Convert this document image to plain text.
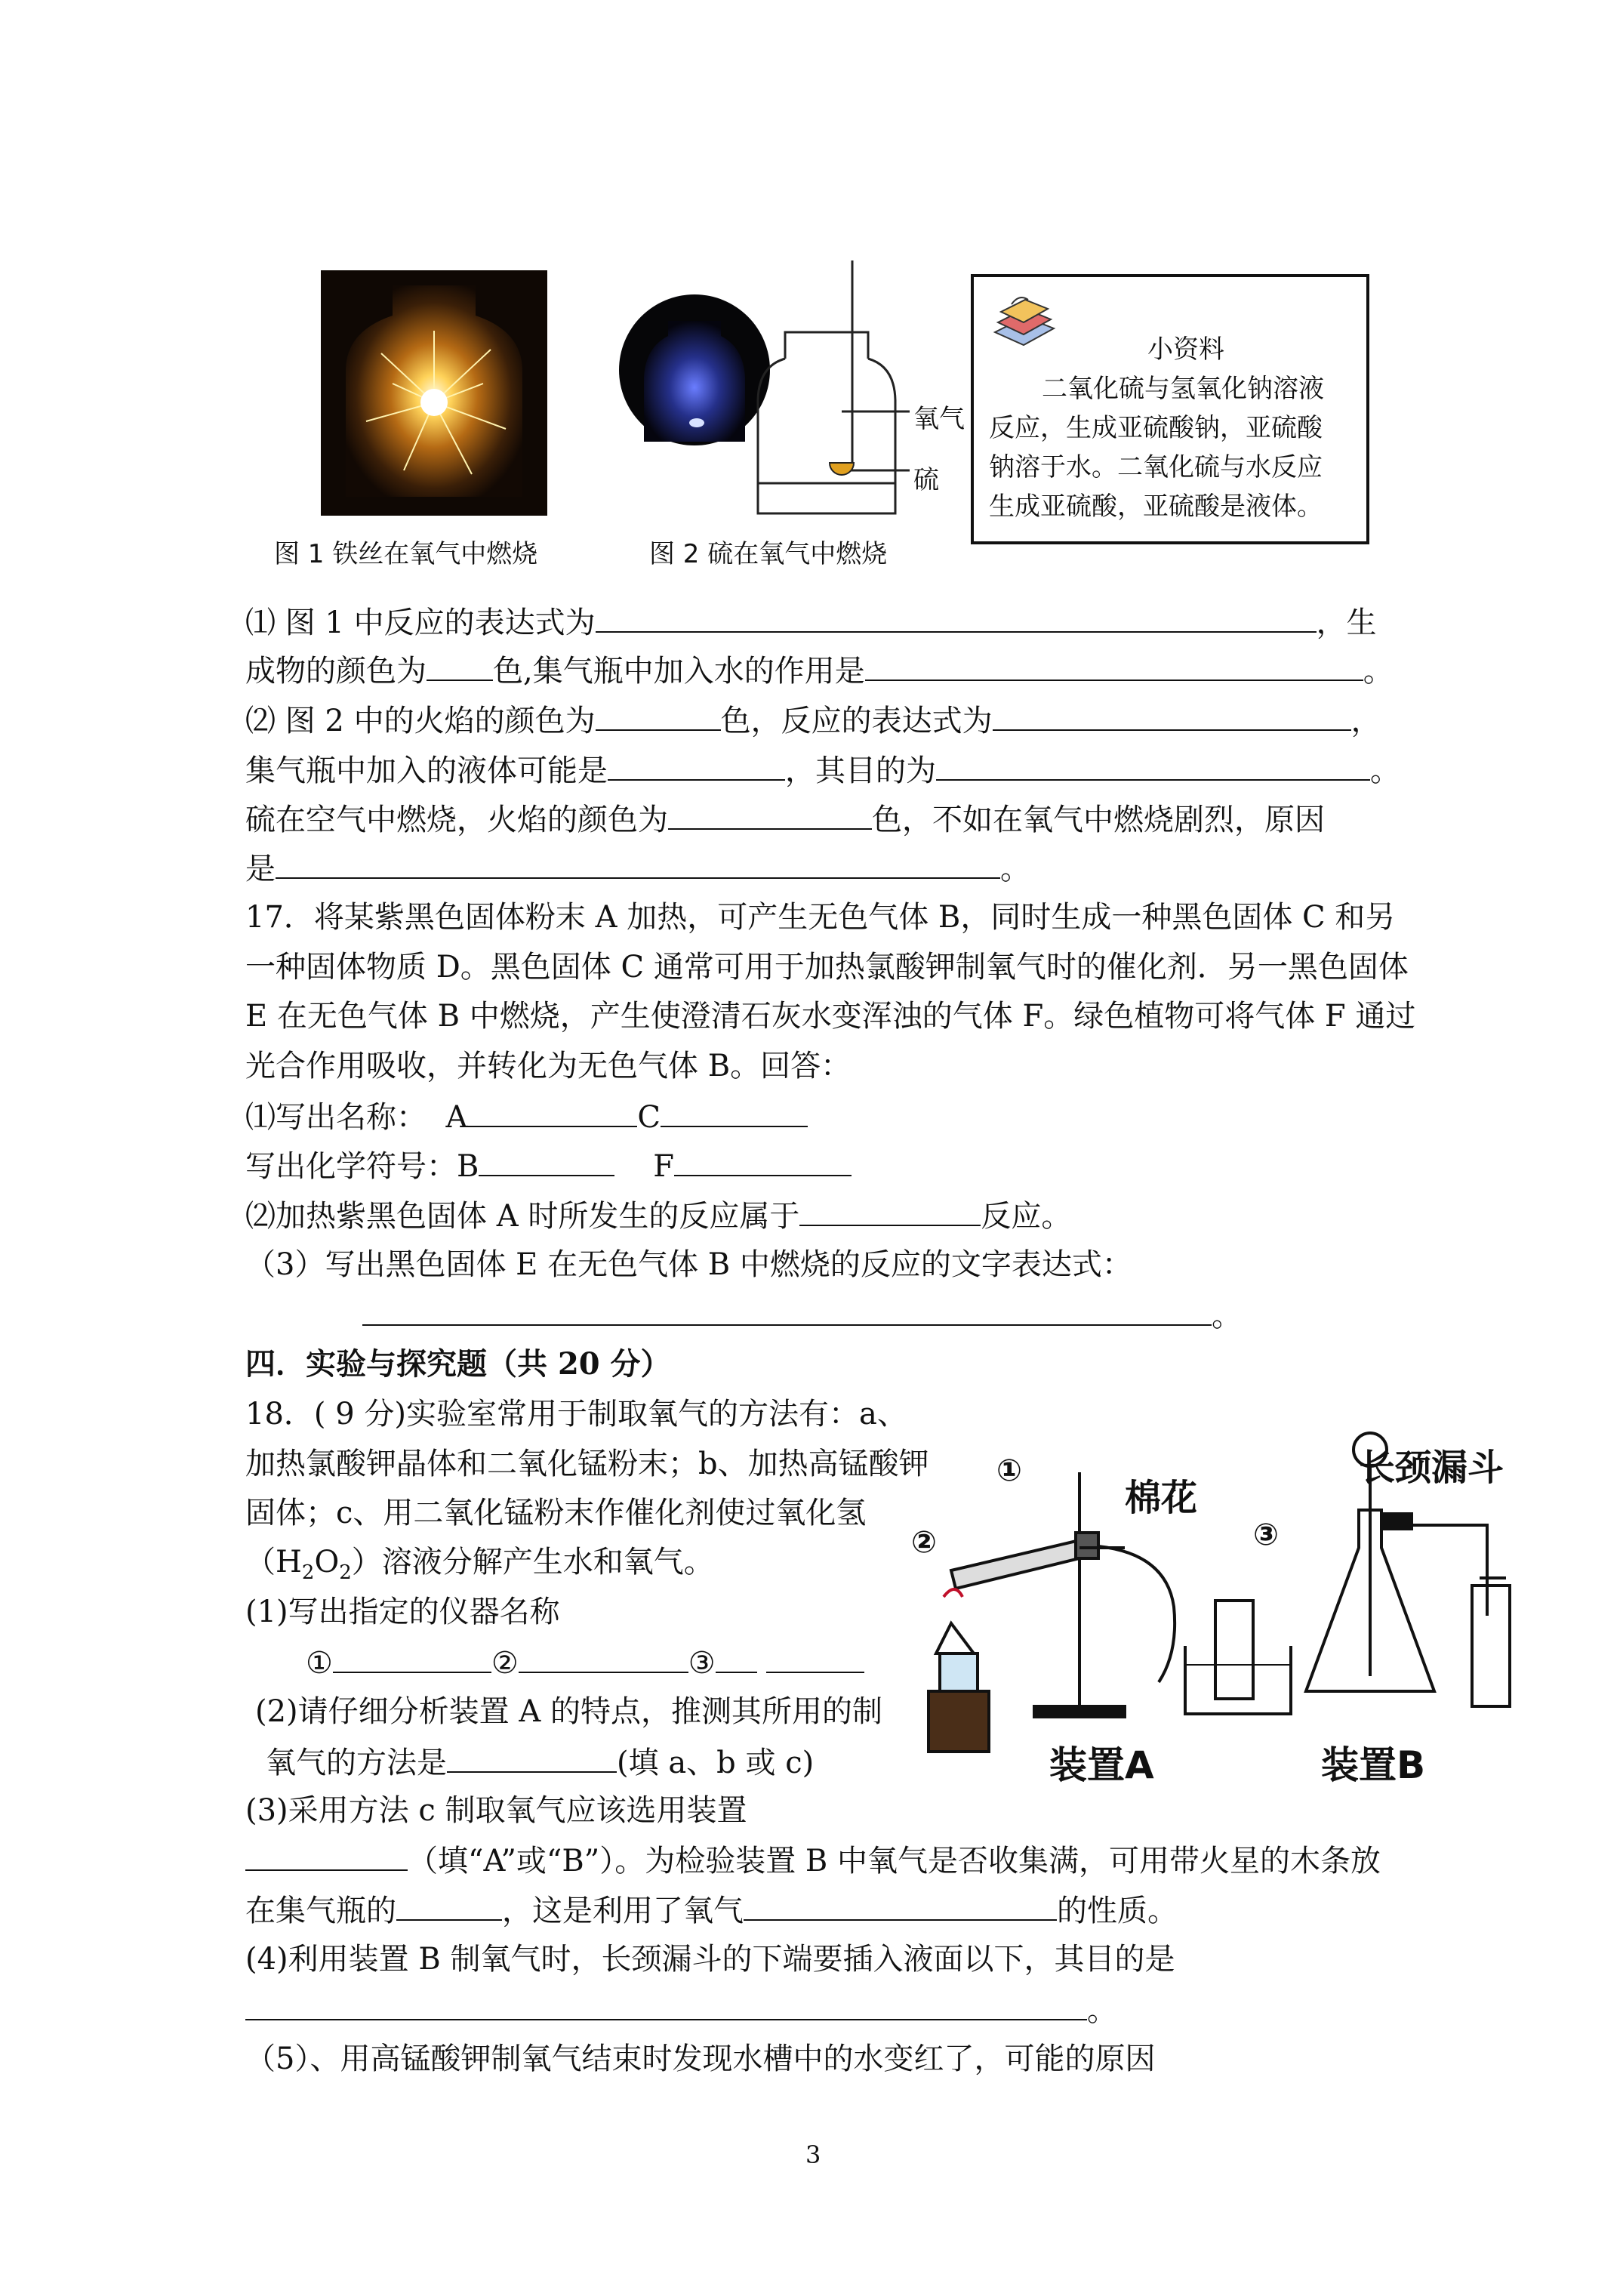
图 1 铁丝在氧气中燃烧
氧气
硫
图 2 硫在氧气中燃烧
小资料
二氧化硫与氢氧化钠溶液
反应，生成亚硫酸钠，亚硫酸
钠溶于水。二氧化硫与水反应
生成亚硫酸，亚硫酸是液体。
⑴ 图 1 中反应的表达式为	，生
成物的颜色为 色,集气瓶中加入水的作用是	。
⑵ 图 2 中的火焰的颜色为	色，反应的表达式为	，
集气瓶中加入的液体可能是	，其目的为	。
硫在空气中燃烧，火焰的颜色为	色，不如在氧气中燃烧剧烈，原因
是	。
17．将某紫黑色固体粉末 A 加热，可产生无色气体 B，同时生成一种黑色固体 C 和另
一种固体物质 D。黑色固体 C 通常可用于加热氯酸钾制氧气时的催化剂．另一黑色固体
E 在无色气体 B 中燃烧，产生使澄清石灰水变浑浊的气体 F。绿色植物可将气体 F 通过
光合作用吸收，并转化为无色气体 B。回答：
⑴写出名称： A	C
写出化学符号：B	F
⑵加热紫黑色固体 A 时所发生的反应属于	反应。
（3）写出黑色固体 E 在无色气体 B 中燃烧的反应的文字表达式：
。
四．实验与探究题（共 20 分）
18．( 9 分)实验室常用于制取氧气的方法有：a、
加热氯酸钾晶体和二氧化锰粉末；b、加热高锰酸钾
固体；c、用二氧化锰粉末作催化剂使过氧化氢
$(H_2O_2)$溶液分解产生水和氧气。
(1)写出指定的仪器名称
①	②	③
(2)请仔细分析装置 A 的特点，推测其所用的制
氧气的方法是	(填 a、b 或 c)
(3)采用方法 c 制取氧气应该选用装置
（填“A”或“B”）。为检验装置 B 中氧气是否收集满，可用带火星的木条放
在集气瓶的	，这是利用了氧气	的性质。
(4)利用装置 B 制氧气时，长颈漏斗的下端要插入液面以下，其目的是
。
（5）、用高锰酸钾制氧气结束时发现水槽中的水变红了，可能的原因
①
②	③
棉花
长颈漏斗
装置A	装置B
3
